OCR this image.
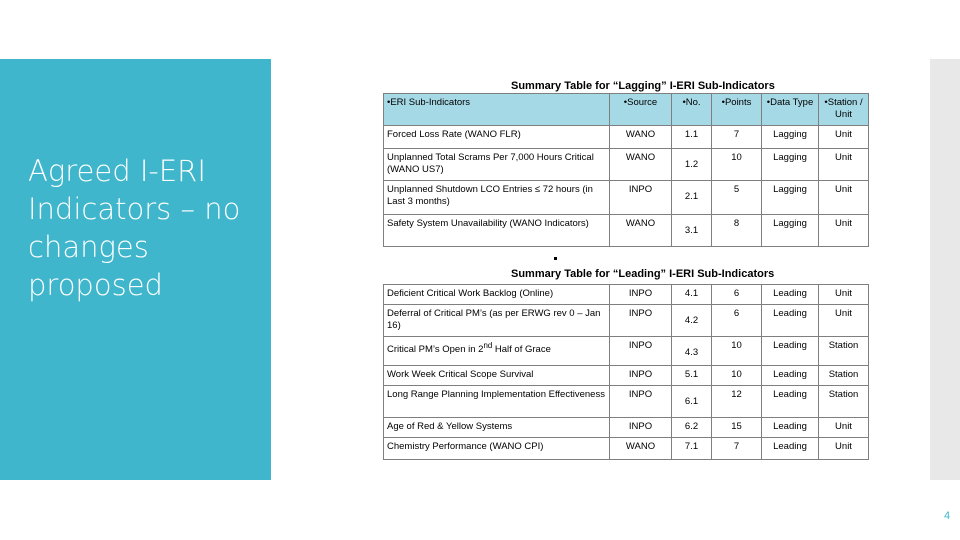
Agreed I-ERI Indicators – no changes proposed
Summary Table for “Lagging” I-ERI Sub-Indicators
•ERI Sub-Indicators	•Source	•No.	•Points	•Data Type	•Station / Unit
Forced Loss Rate (WANO FLR)	WANO	1.1	7	Lagging	Unit
Unplanned Total Scrams Per 7,000 Hours Critical (WANO US7)	WANO	1.2	10	Lagging	Unit
Unplanned Shutdown LCO Entries ≤ 72 hours (in Last 3 months)	INPO	2.1	5	Lagging	Unit
Safety System Unavailability (WANO Indicators)	WANO	3.1	8	Lagging	Unit
Summary Table for “Leading” I-ERI Sub-Indicators
Deficient Critical Work Backlog (Online)	INPO	4.1	6	Leading	Unit
Deferral of Critical PM’s (as per ERWG rev 0 – Jan 16)	INPO	4.2	6	Leading	Unit
Critical PM’s Open in 2nd Half of Grace	INPO	4.3	10	Leading	Station
Work Week Critical Scope Survival	INPO	5.1	10	Leading	Station
Long Range Planning Implementation Effectiveness	INPO	6.1	12	Leading	Station
Age of Red & Yellow Systems	INPO	6.2	15	Leading	Unit
Chemistry Performance (WANO CPI)	WANO	7.1	7	Leading	Unit
4
